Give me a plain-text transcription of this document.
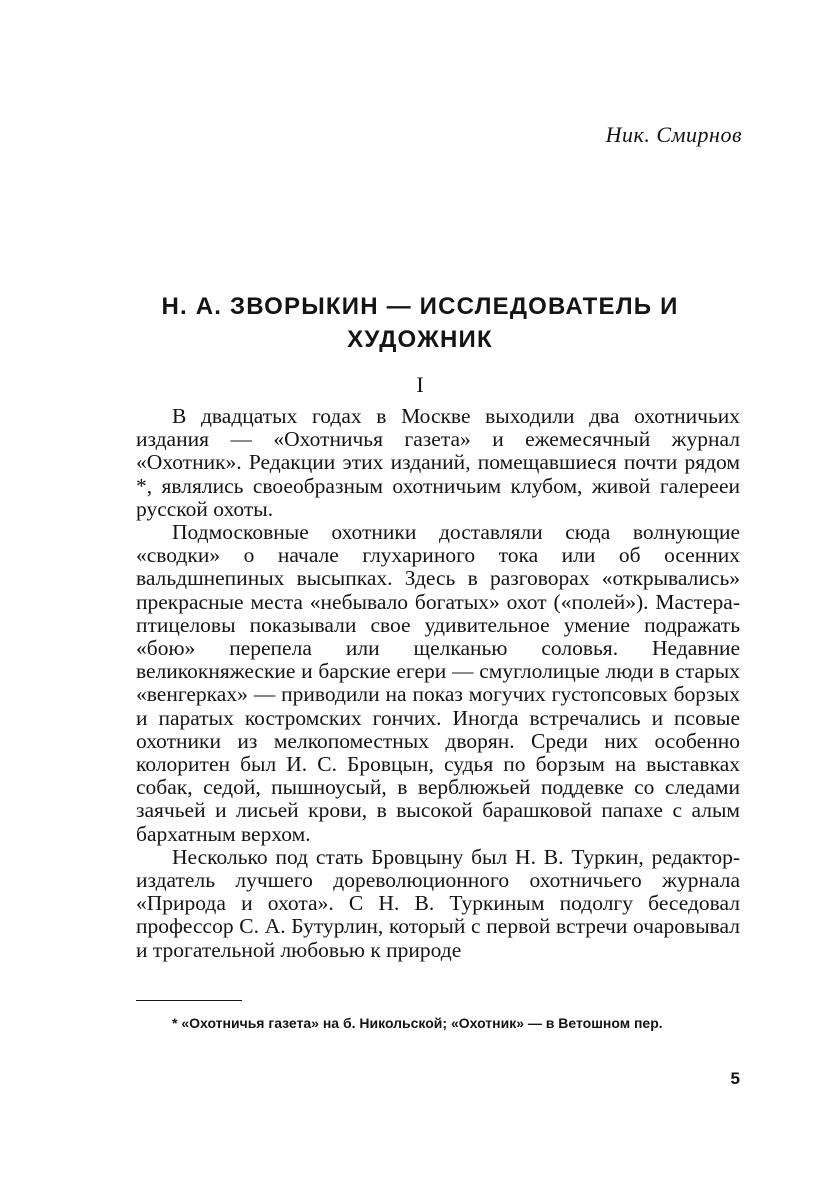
Ник. Смирнов
Н. А. ЗВОРЫКИН — ИССЛЕДОВАТЕЛЬ И ХУДОЖНИК
I

В двадцатых годах в Москве выходили два охотничьих издания — «Охотничья газета» и ежемесячный журнал «Охотник». Редакции этих изданий, помещавшиеся почти рядом *, являлись своеобразным охотничьим клубом, живой галерееи русской охоты.

Подмосковные охотники доставляли сюда волнующие «сводки» о начале глухариного тока или об осенних вальдшнепиных высыпках. Здесь в разговорах «открывались» прекрасные места «небывало богатых» охот («полей»). Мастера-птицеловы показывали свое удивительное умение подражать «бою» перепела или щелканью соловья. Недавние великокняжеские и барские егери — смуглолицые люди в старых «венгерках» — приводили на показ могучих густопсовых борзых и паратых костромских гончих. Иногда встречались и псовые охотники из мелкопоместных дворян. Среди них особенно колоритен был И. С. Бровцын, судья по борзым на выставках собак, седой, пышноусый, в верблюжьей поддевке со следами заячьей и лисьей крови, в высокой барашковой папахе с алым бархатным верхом.

Несколько под стать Бровцыну был Н. В. Туркин, редактор-издатель лучшего дореволюционного охотничьего журнала «Природа и охота». С Н. В. Туркиным подолгу беседовал профессор С. А. Бутурлин, который с первой встречи очаровывал и трогательной любовью к природе

* «Охотничья газета» на б. Никольской; «Охотник» — в Ветошном пер.

5
